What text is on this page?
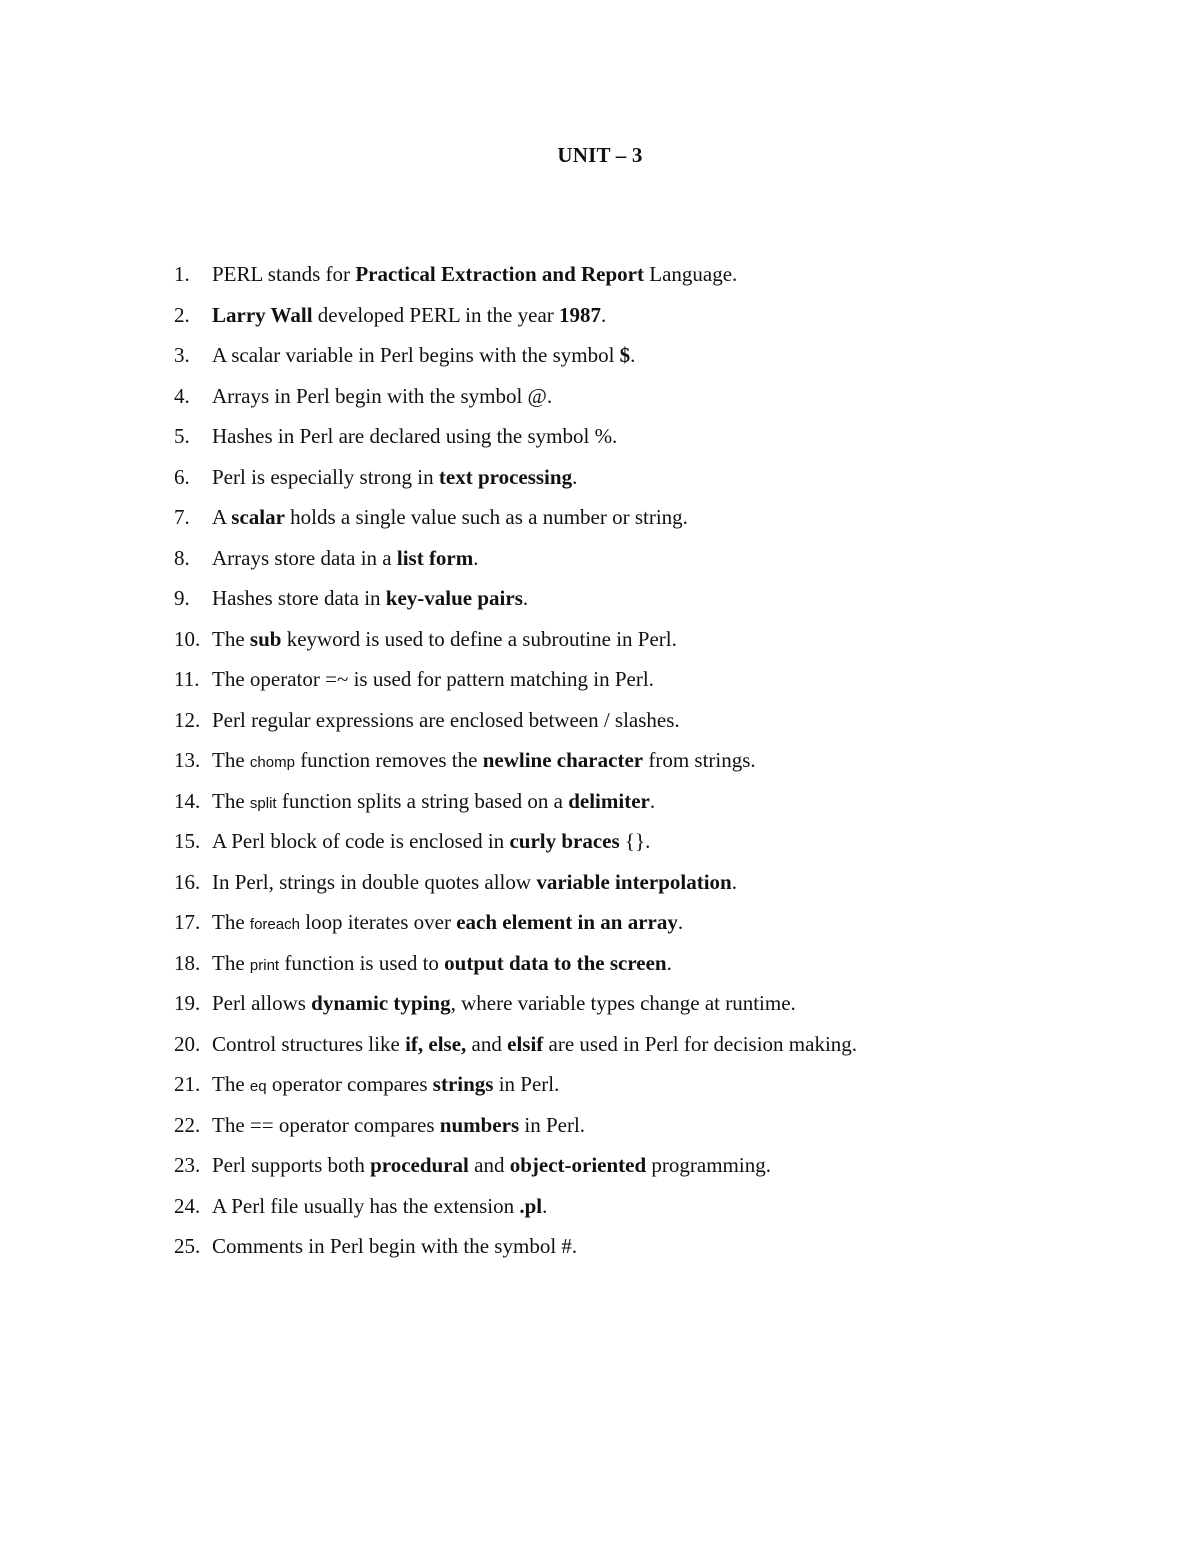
UNIT – 3
1. PERL stands for Practical Extraction and Report Language.
2. Larry Wall developed PERL in the year 1987.
3. A scalar variable in Perl begins with the symbol $.
4. Arrays in Perl begin with the symbol @.
5. Hashes in Perl are declared using the symbol %.
6. Perl is especially strong in text processing.
7. A scalar holds a single value such as a number or string.
8. Arrays store data in a list form.
9. Hashes store data in key-value pairs.
10. The sub keyword is used to define a subroutine in Perl.
11. The operator =~ is used for pattern matching in Perl.
12. Perl regular expressions are enclosed between / slashes.
13. The chomp function removes the newline character from strings.
14. The split function splits a string based on a delimiter.
15. A Perl block of code is enclosed in curly braces {}.
16. In Perl, strings in double quotes allow variable interpolation.
17. The foreach loop iterates over each element in an array.
18. The print function is used to output data to the screen.
19. Perl allows dynamic typing, where variable types change at runtime.
20. Control structures like if, else, and elsif are used in Perl for decision making.
21. The eq operator compares strings in Perl.
22. The == operator compares numbers in Perl.
23. Perl supports both procedural and object-oriented programming.
24. A Perl file usually has the extension .pl.
25. Comments in Perl begin with the symbol #.
